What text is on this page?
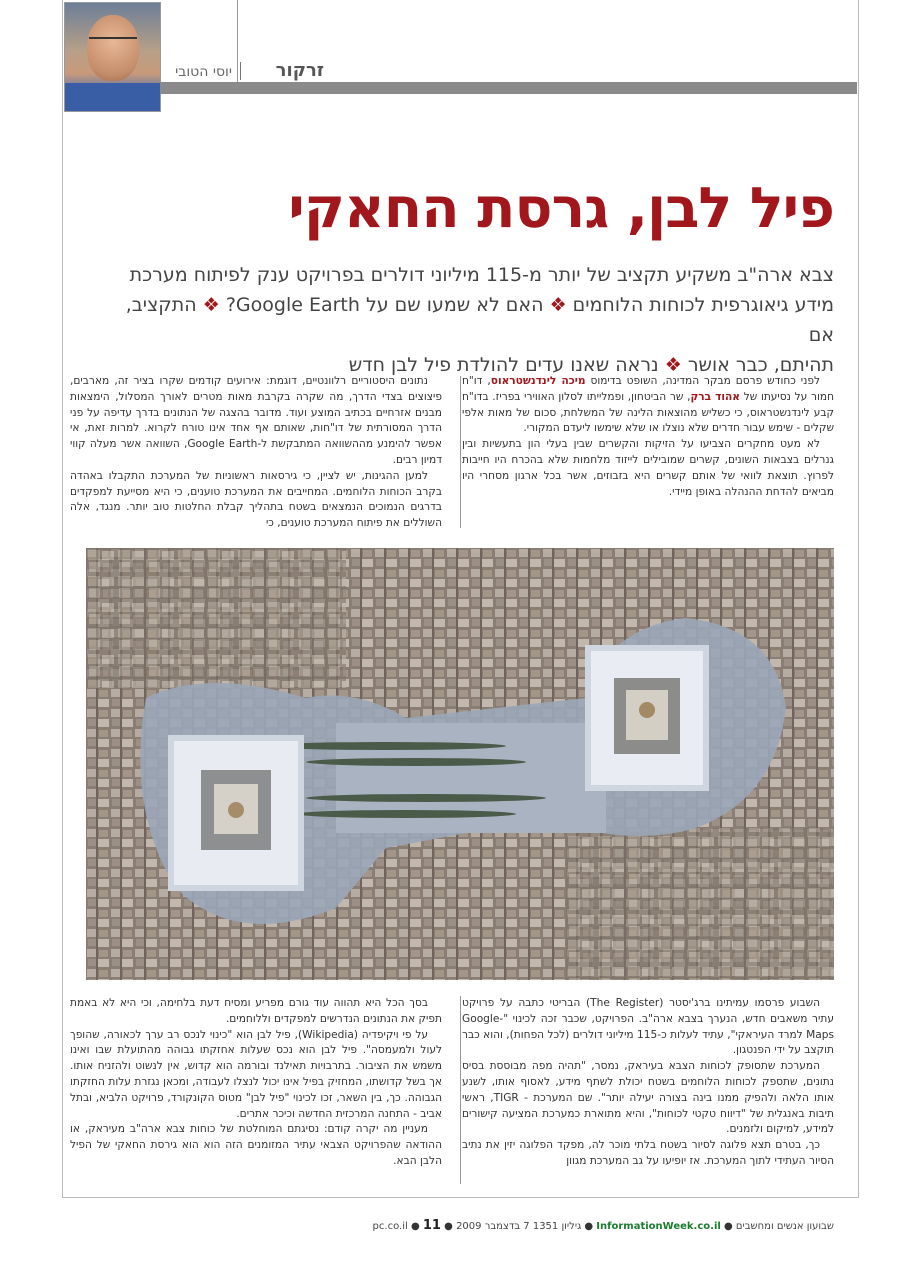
זרקור
יוסי הטובי
פיל לבן, גרסת החאקי
צבא ארה"ב משקיע תקציב של יותר מ-115 מיליוני דולרים בפרויקט ענק לפיתוח מערכת
מידע גיאוגרפית לכוחות הלוחמים ❖ האם לא שמעו שם על Google Earth? ❖ התקציב, אם
תהיתם, כבר אושר ❖ נראה שאנו עדים להולדת פיל לבן חדש

לפני כחודש פרסם מבקר המדינה, השופט בדימוס מיכה לינדנשטראוס, דו"ח חמור על נסיעתו של אהוד ברק, שר הביטחון, ופמלייתו לסלון האווירי בפריז. בדו"ח קבע לינדנשטראוס, כי כשליש מהוצאות הלינה של המשלחת, סכום של מאות אלפי שקלים - שימש עבור חדרים שלא נוצלו או שלא שימשו ליעדם המקורי.

לא מעט מחקרים הצביעו על הזיקות והקשרים שבין בעלי הון בתעשיות ובין גנרלים בצבאות השונים, קשרים שמובילים לייזוד מלחמות שלא בהכרח היו חייבות לפרוץ. תוצאת לוואי של אותם קשרים היא בזבוזים, אשר בכל ארגון מסחרי היו מביאים להדחת ההנהלה באופן מיידי.

נתונים היסטוריים רלוונטיים, דוגמת: אירועים קודמים שקרו בציר זה, מארבים, פיצוצים בצדי הדרך, מה שקרה בקרבת מאות מטרים לאורך המסלול, הימצאות מבנים אזרחיים בכתיב המוצע ועוד. מדובר בהצגה של הנתונים בדרך עדיפה על פני הדרך המסורתית של דו"חות, שאותם אף אחד אינו טורח לקרוא. למרות זאת, אי אפשר להימנע מההשוואה המתבקשת ל-Google Earth, השוואה אשר מעלה קווי דמיון רבים.

למען ההגינות, יש לציין, כי גירסאות ראשוניות של המערכת התקבלו באהדה בקרב הכוחות הלוחמים. המחייבים את המערכת טוענים, כי היא מסייעת למפקדים בדרגים הנמוכים הנמצאים בשטח בתהליך קבלת החלטות טוב יותר. מנגד, אלה השוללים את פיתוח המערכת טוענים, כי

השבוע פרסמו עמיתינו ברג'יסטר (The Register) הבריטי כתבה על פרויקט עתיר משאבים חדש, הנערך בצבא ארה"ב. הפרויקט, שכבר זכה לכינוי "Google-Maps למרד העיראקי", עתיד לעלות כ-115 מיליוני דולרים (לכל הפחות), והוא כבר תוקצב על ידי הפנטגון.

המערכת שתסופק לכוחות הצבא בעיראק, נמסר, "תהיה מפה מבוססת בסיס נתונים, שתספק לכוחות הלוחמים בשטח יכולת לשתף מידע, לאסוף אותו, לשנע אותו הלאה ולהפיק ממנו בינה בצורה יעילה יותר". שם המערכת - TIGR, ראשי תיבות באנגלית של "דיווח טקטי לכוחות", והיא מתוארת כמערכת המציעה קישורים למידע, למיקום ולזמנים.

כך, בטרם תצא פלוגה לסיור בשטח בלתי מוכר לה, מפקד הפלוגה יזין את נתיב הסיור העתידי לתוך המערכת. אז יופיעו על גב המערכת מגוון

בסך הכל היא תהווה עוד גורם מפריע ומסיח דעת בלחימה, וכי היא לא באמת תפיק את הנתונים הנדרשים למפקדים וללוחמים.

על פי ויקיפדיה (Wikipedia), פיל לבן הוא "כינוי לנכס רב ערך לכאורה, שהופך לעול ולמעמסה". פיל לבן הוא נכס שעלות אחזקתו גבוהה מהתועלת שבו ואינו משמש את הציבור. בתרבויות תאילנד ובורמה הוא קדוש, אין לנשוט ולהזניח אותו. אך בשל קדושתו, המחזיק בפיל אינו יכול לנצלו לעבודה, ומכאן נגזרת עלות החזקתו הגבוהה. כך, בין השאר, זכו לכינוי "פיל לבן" מטוס הקונקורד, פרויקט הלביא, ובתל אביב - התחנה המרכזית החדשה וכיכר אתרים.

מעניין מה יקרה קודם: נסיגתם המוחלטת של כוחות צבא ארה"ב מעיראק, או ההודאה שהפרויקט הצבאי עתיר המזומנים הזה הוא הוא גירסת החאקי של הפיל הלבן הבא.

שבועון אנשים ומחשבים ● InformationWeek.co.il ● גיליון 1351 7 בדצמבר 2009 ● pc.co.il ● 11
